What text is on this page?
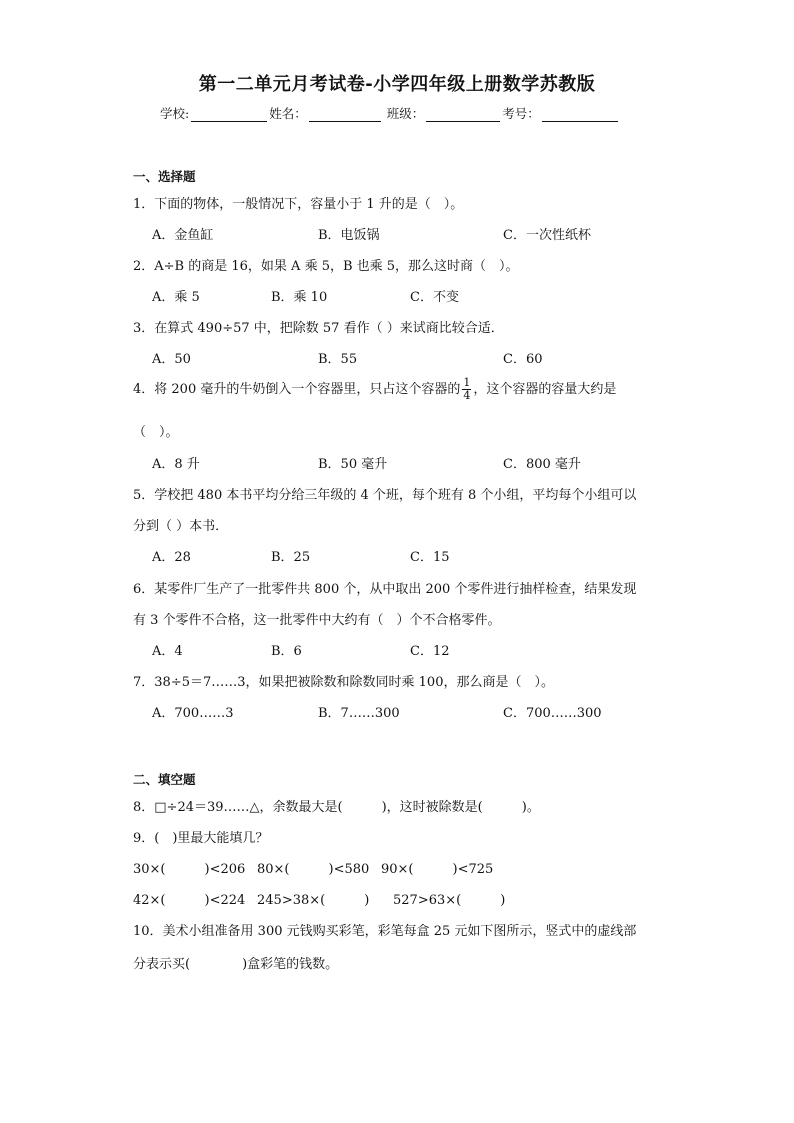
第一二单元月考试卷-小学四年级上册数学苏教版
学校:	姓名：	班级：	考号：
一、选择题
1．下面的物体，一般情况下，容量小于 1 升的是（　）。
A．金鱼缸	B．电饭锅	C．一次性纸杯
2．A÷B 的商是 16，如果 A 乘 5，B 也乘 5，那么这时商（　）。
A．乘 5	B．乘 10	C．不变
3．在算式 490÷57 中，把除数 57 看作（ ）来试商比较合适．
A．50	B．55	C．60
4．将 200 毫升的牛奶倒入一个容器里，只占这个容器的 $\frac{1}{4}$ ，这个容器的容量大约是
（　）。
A．8 升	B．50 毫升	C．800 毫升
5．学校把 480 本书平均分给三年级的 4 个班，每个班有 8 个小组，平均每个小组可以
分到（ ）本书．
A．28	B．25	C．15
6．某零件厂生产了一批零件共 800 个，从中取出 200 个零件进行抽样检查，结果发现
有 3 个零件不合格，这一批零件中大约有（　）个不合格零件。
A．4	B．6	C．12
7．38÷5＝7……3，如果把被除数和除数同时乘 100，那么商是（　）。
A．700……3	B．7……300	C．700……300
二、填空题
8．□÷24＝39……△，余数最大是(　　　)，这时被除数是(　　　)。
9．(　)里最大能填几？
30×(　　　)<206 80×(　　　)<580 90×(　　　)<725
42×(　　　)<224 245>38×(　　　) 527>63×(　　　)
10．美术小组准备用 300 元钱购买彩笔，彩笔每盒 25 元如下图所示，竖式中的虚线部
分表示买(　　　　)盒彩笔的钱数。
